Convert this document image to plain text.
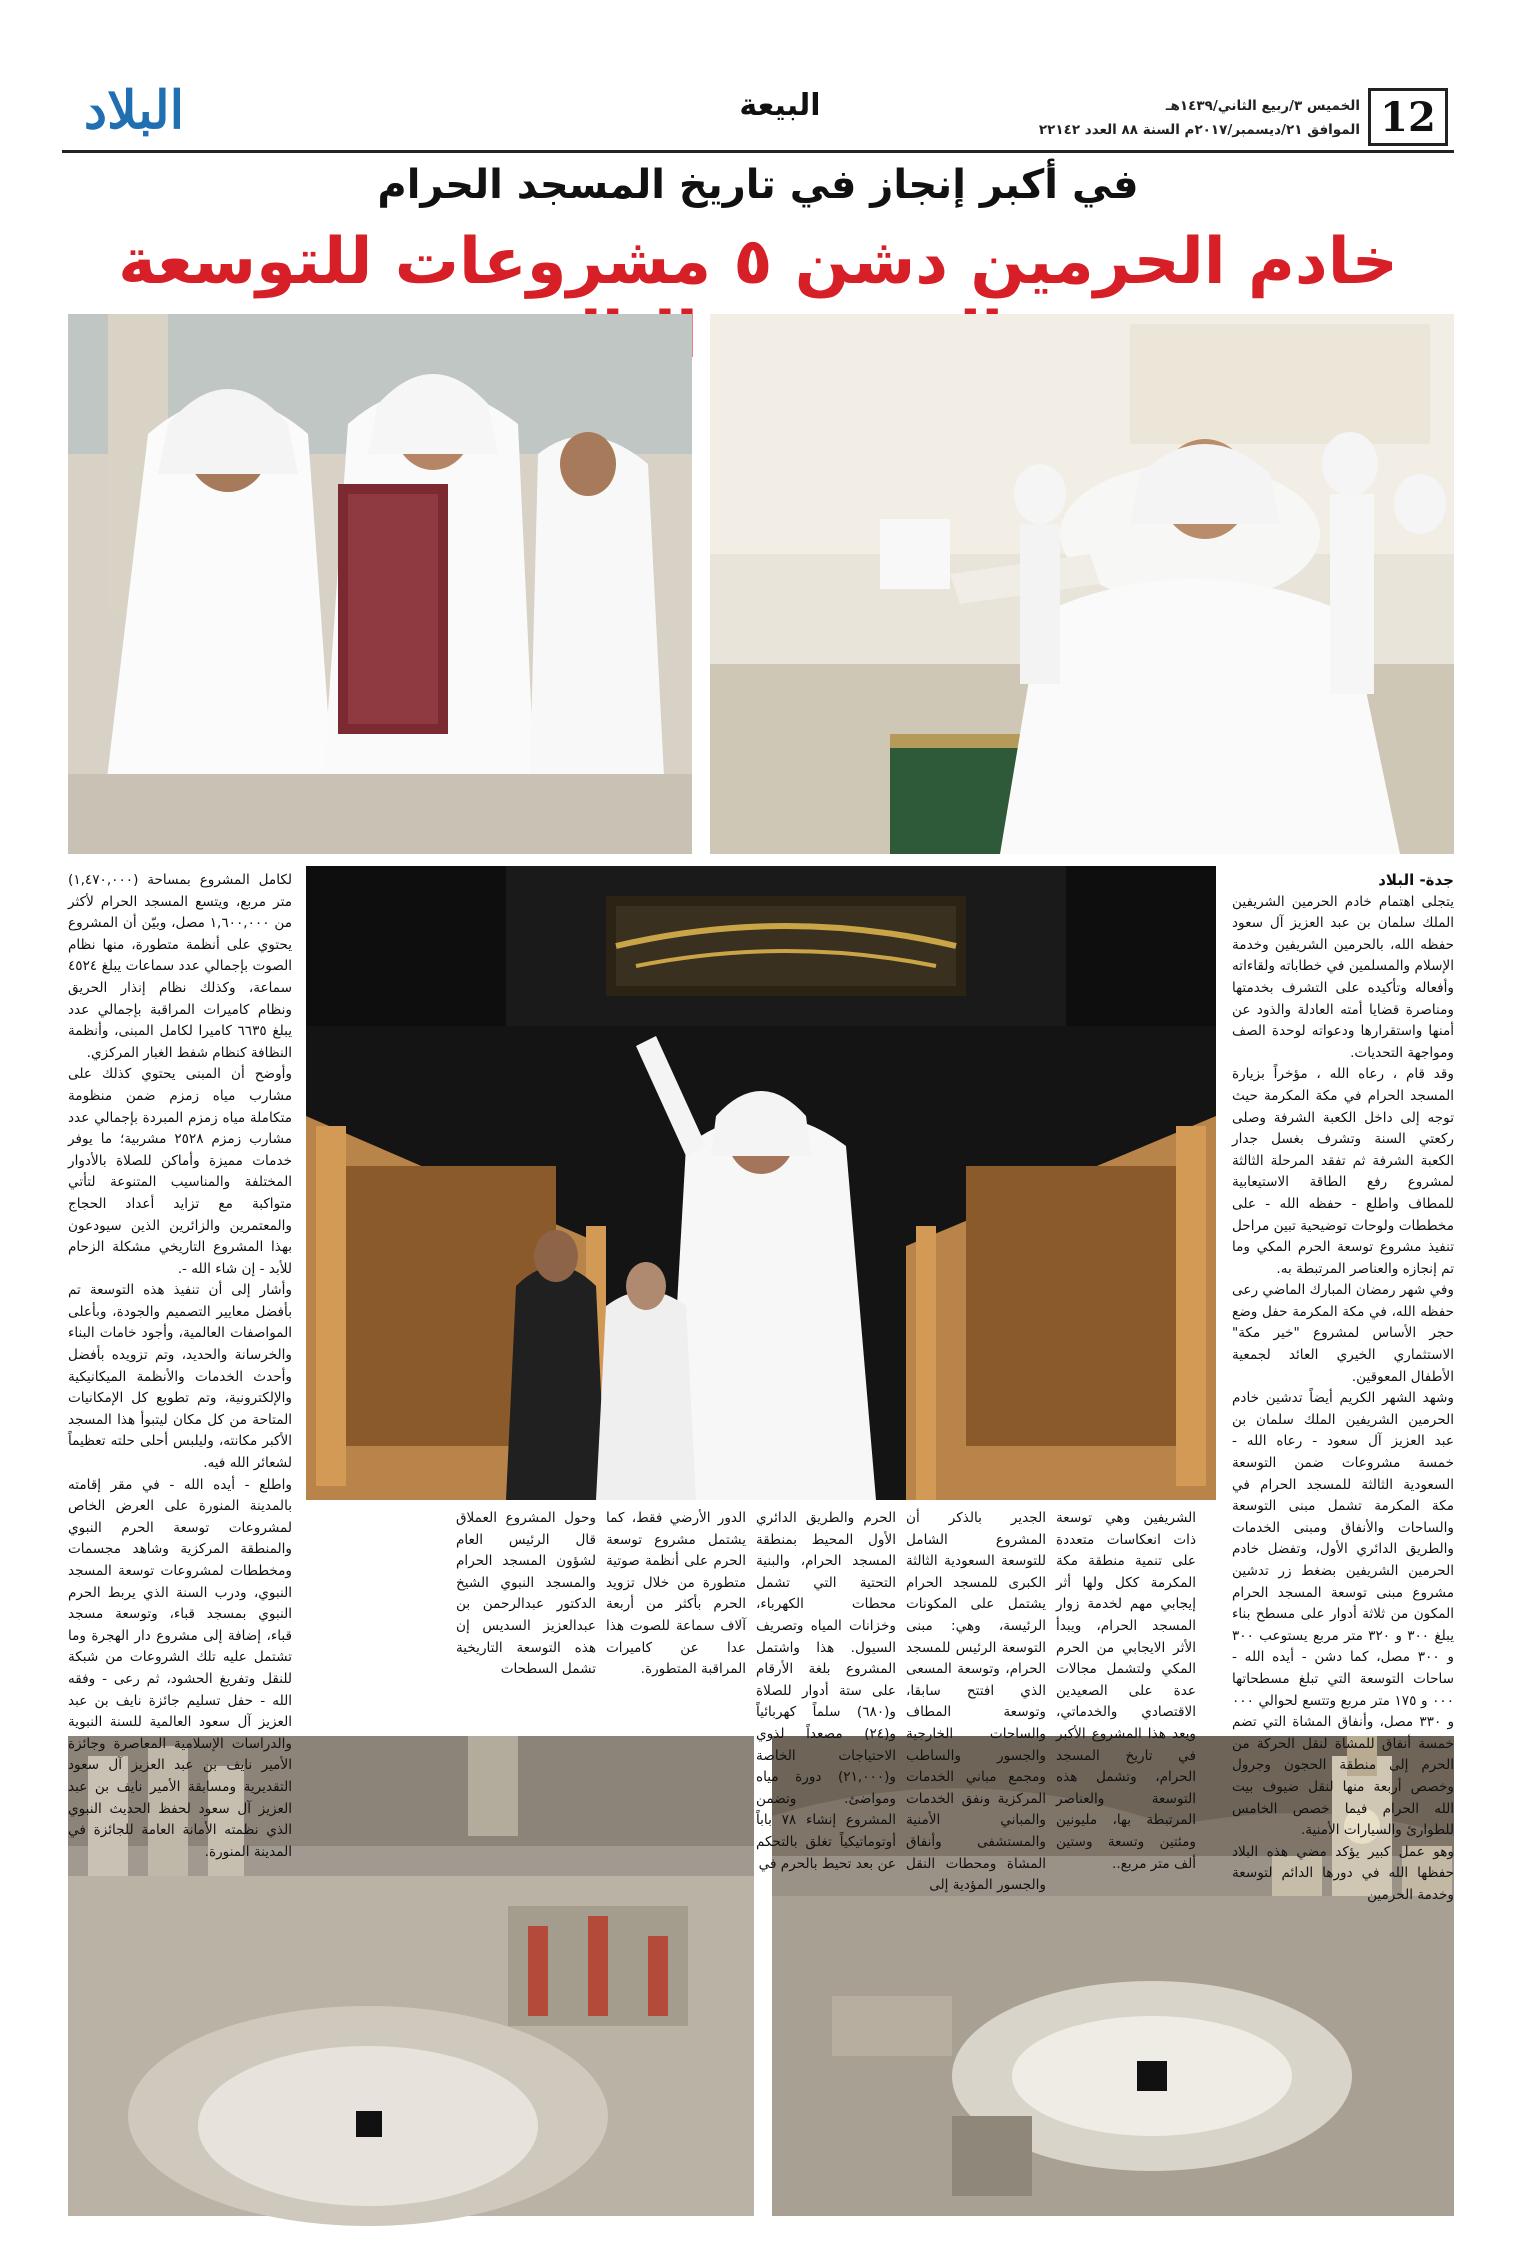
12
الخميس ٣/ربيع الثاني/١٤٣٩هـ
الموافق ٢١/ديسمبر/٢٠١٧م السنة ٨٨ العدد ٢٢١٤٢
البيعة
البلاد
في أكبر إنجاز في تاريخ المسجد الحرام
خادم الحرمين دشن ٥ مشروعات للتوسعة

جدة- البلاد

يتجلى اهتمام خادم الحرمين الشريفين الملك سلمان بن عبد العزيز آل سعود حفظه الله، بالحرمين الشريفين وخدمة الإسلام والمسلمين في خطاباته ولقاءاته وأفعاله وتأكيده على التشرف بخدمتها ومناصرة قضايا أمته العادلة والذود عن أمنها واستقرارها ودعواته لوحدة الصف ومواجهة التحديات.

وقد قام ، رعاه الله ، مؤخراً بزيارة المسجد الحرام في مكة المكرمة حيث توجه إلى داخل الكعبة الشرفة وصلى ركعتي السنة وتشرف بغسل جدار الكعبة الشرفة ثم تفقد المرحلة الثالثة لمشروع رفع الطاقة الاستيعابية للمطاف واطلع - حفظه الله - على مخططات ولوحات توضيحية تبين مراحل تنفيذ مشروع توسعة الحرم المكي وما تم إنجازه والعناصر المرتبطة به.

وفي شهر رمضان المبارك الماضي رعى حفظه الله، في مكة المكرمة حفل وضع حجر الأساس لمشروع "خير مكة" الاستثماري الخيري العائد لجمعية الأطفال المعوقين.

وشهد الشهر الكريم أيضاً تدشين خادم الحرمين الشريفين الملك سلمان بن عبد العزيز آل سعود - رعاه الله - خمسة مشروعات ضمن التوسعة السعودية الثالثة للمسجد الحرام في مكة المكرمة تشمل مبنى التوسعة والساحات والأنفاق ومبنى الخدمات والطريق الدائري الأول، وتفضل خادم الحرمين الشريفين بضغط زر تدشين مشروع مبنى توسعة المسجد الحرام المكون من ثلاثة أدوار على مسطح بناء يبلغ ٣٠٠ و ٣٢٠ متر مربع يستوعب ٣٠٠ و ٣٠٠ مصل، كما دشن - أيده الله - ساحات التوسعة التي تبلغ مسطحاتها ٠٠٠ و ١٧٥ متر مربع وتتسع لحوالي ٠٠٠ و ٣٣٠ مصل، وأنفاق المشاة التي تضم خمسة أنفاق للمشاة لنقل الحركة من الحرم إلى منطقة الحجون وجرول وخصص أربعة منها لنقل ضيوف بيت الله الحرام فيما خصص الخامس للطوارئ والسيارات الأمنية.

وهو عمل كبير يؤكد مضي هذه البلاد حفظها الله في دورها الدائم لتوسعة وخدمة الحرمين

الشريفين وهي توسعة ذات انعكاسات متعددة على تنمية منطقة مكة المكرمة ككل ولها أثر إيجابي مهم لخدمة زوار المسجد الحرام، ويبدأ الأثر الايجابي من الحرم المكي ولتشمل مجالات عدة على الصعيدين الاقتصادي والخدماتي، ويعد هذا المشروع الأكبر في تاريخ المسجد الحرام، وتشمل هذه التوسعة والعناصر المرتبطة بها، مليونين ومئتين وتسعة وستين ألف متر مربع..
الجدير بالذكر أن المشروع الشامل للتوسعة السعودية الثالثة الكبرى للمسجد الحرام يشتمل على المكونات الرئيسة، وهي: مبنى التوسعة الرئيس للمسجد الحرام، وتوسعة المسعى الذي افتتح سابقا، وتوسعة المطاف والساحات الخارجية والجسور والساطب ومجمع مباني الخدمات المركزية ونفق الخدمات والمباني الأمنية والمستشفى وأنفاق المشاة ومحطات النقل والجسور المؤدية إلى
الحرم والطريق الدائري الأول المحيط بمنطقة المسجد الحرام، والبنية التحتية التي تشمل محطات الكهرباء، وخزانات المياه وتصريف السيول. هذا واشتمل المشروع بلغة الأرقام على ستة أدوار للصلاة و(٦٨٠) سلماً كهربائياً و(٢٤) مصعداً لذوي الاحتياجات الخاصة و(٢١,٠٠٠) دورة مياه ومواضئ. وتضمن المشروع إنشاء ٧٨ باباً أوتوماتيكياً تغلق بالتحكم عن بعد تحيط بالحرم في
الدور الأرضي فقط، كما يشتمل مشروع توسعة الحرم على أنظمة صوتية متطورة من خلال تزويد الحرم بأكثر من أربعة آلاف سماعة للصوت هذا عدا عن كاميرات المراقبة المتطورة.
وحول المشروع العملاق قال الرئيس العام لشؤون المسجد الحرام والمسجد النبوي الشيخ الدكتور عبدالرحمن بن عبدالعزيز السديس إن هذه التوسعة التاريخية تشمل السطحات

لكامل المشروع بمساحة (١,٤٧٠,٠٠٠) متر مربع، ويتسع المسجد الحرام لأكثر من ١,٦٠٠,٠٠٠ مصل، وبيّن أن المشروع يحتوي على أنظمة متطورة، منها نظام الصوت بإجمالي عدد سماعات يبلغ ٤٥٢٤ سماعة، وكذلك نظام إنذار الحريق ونظام كاميرات المراقبة بإجمالي عدد يبلغ ٦٦٣٥ كاميرا لكامل المبنى، وأنظمة النظافة كنظام شفط الغبار المركزي.

وأوضح أن المبنى يحتوي كذلك على مشارب مياه زمزم ضمن منظومة متكاملة مياه زمزم المبردة بإجمالي عدد مشارب زمزم ٢٥٢٨ مشربية؛ ما يوفر خدمات مميزة وأماكن للصلاة بالأدوار المختلفة والمناسيب المتنوعة لتأتي متواكبة مع تزايد أعداد الحجاج والمعتمرين والزائرين الذين سيودعون بهذا المشروع التاريخي مشكلة الزحام للأبد - إن شاء الله -.

وأشار إلى أن تنفيذ هذه التوسعة تم بأفضل معايير التصميم والجودة، وبأعلى المواصفات العالمية، وأجود خامات البناء والخرسانة والحديد، وتم تزويده بأفضل وأحدث الخدمات والأنظمة الميكانيكية والإلكترونية، وتم تطويع كل الإمكانيات المتاحة من كل مكان ليتبوأ هذا المسجد الأكبر مكانته، وليلبس أحلى حلته تعظيماً لشعائر الله فيه.

واطلع - أيده الله - في مقر إقامته بالمدينة المنورة على العرض الخاص لمشروعات توسعة الحرم النبوي والمنطقة المركزية وشاهد مجسمات ومخططات لمشروعات توسعة المسجد النبوي، ودرب السنة الذي يربط الحرم النبوي بمسجد قباء، وتوسعة مسجد قباء، إضافة إلى مشروع دار الهجرة وما تشتمل عليه تلك الشروعات من شبكة للنقل وتفريغ الحشود، ثم رعى - وفقه الله - حفل تسليم جائزة نايف بن عبد العزيز آل سعود العالمية للسنة النبوية والدراسات الإسلامية المعاصرة وجائزة الأمير نايف بن عبد العزيز آل سعود التقديرية ومسابقة الأمير نايف بن عبد العزيز آل سعود لحفظ الحديث النبوي الذي نظمته الأمانة العامة للجائزة في المدينة المنورة.
